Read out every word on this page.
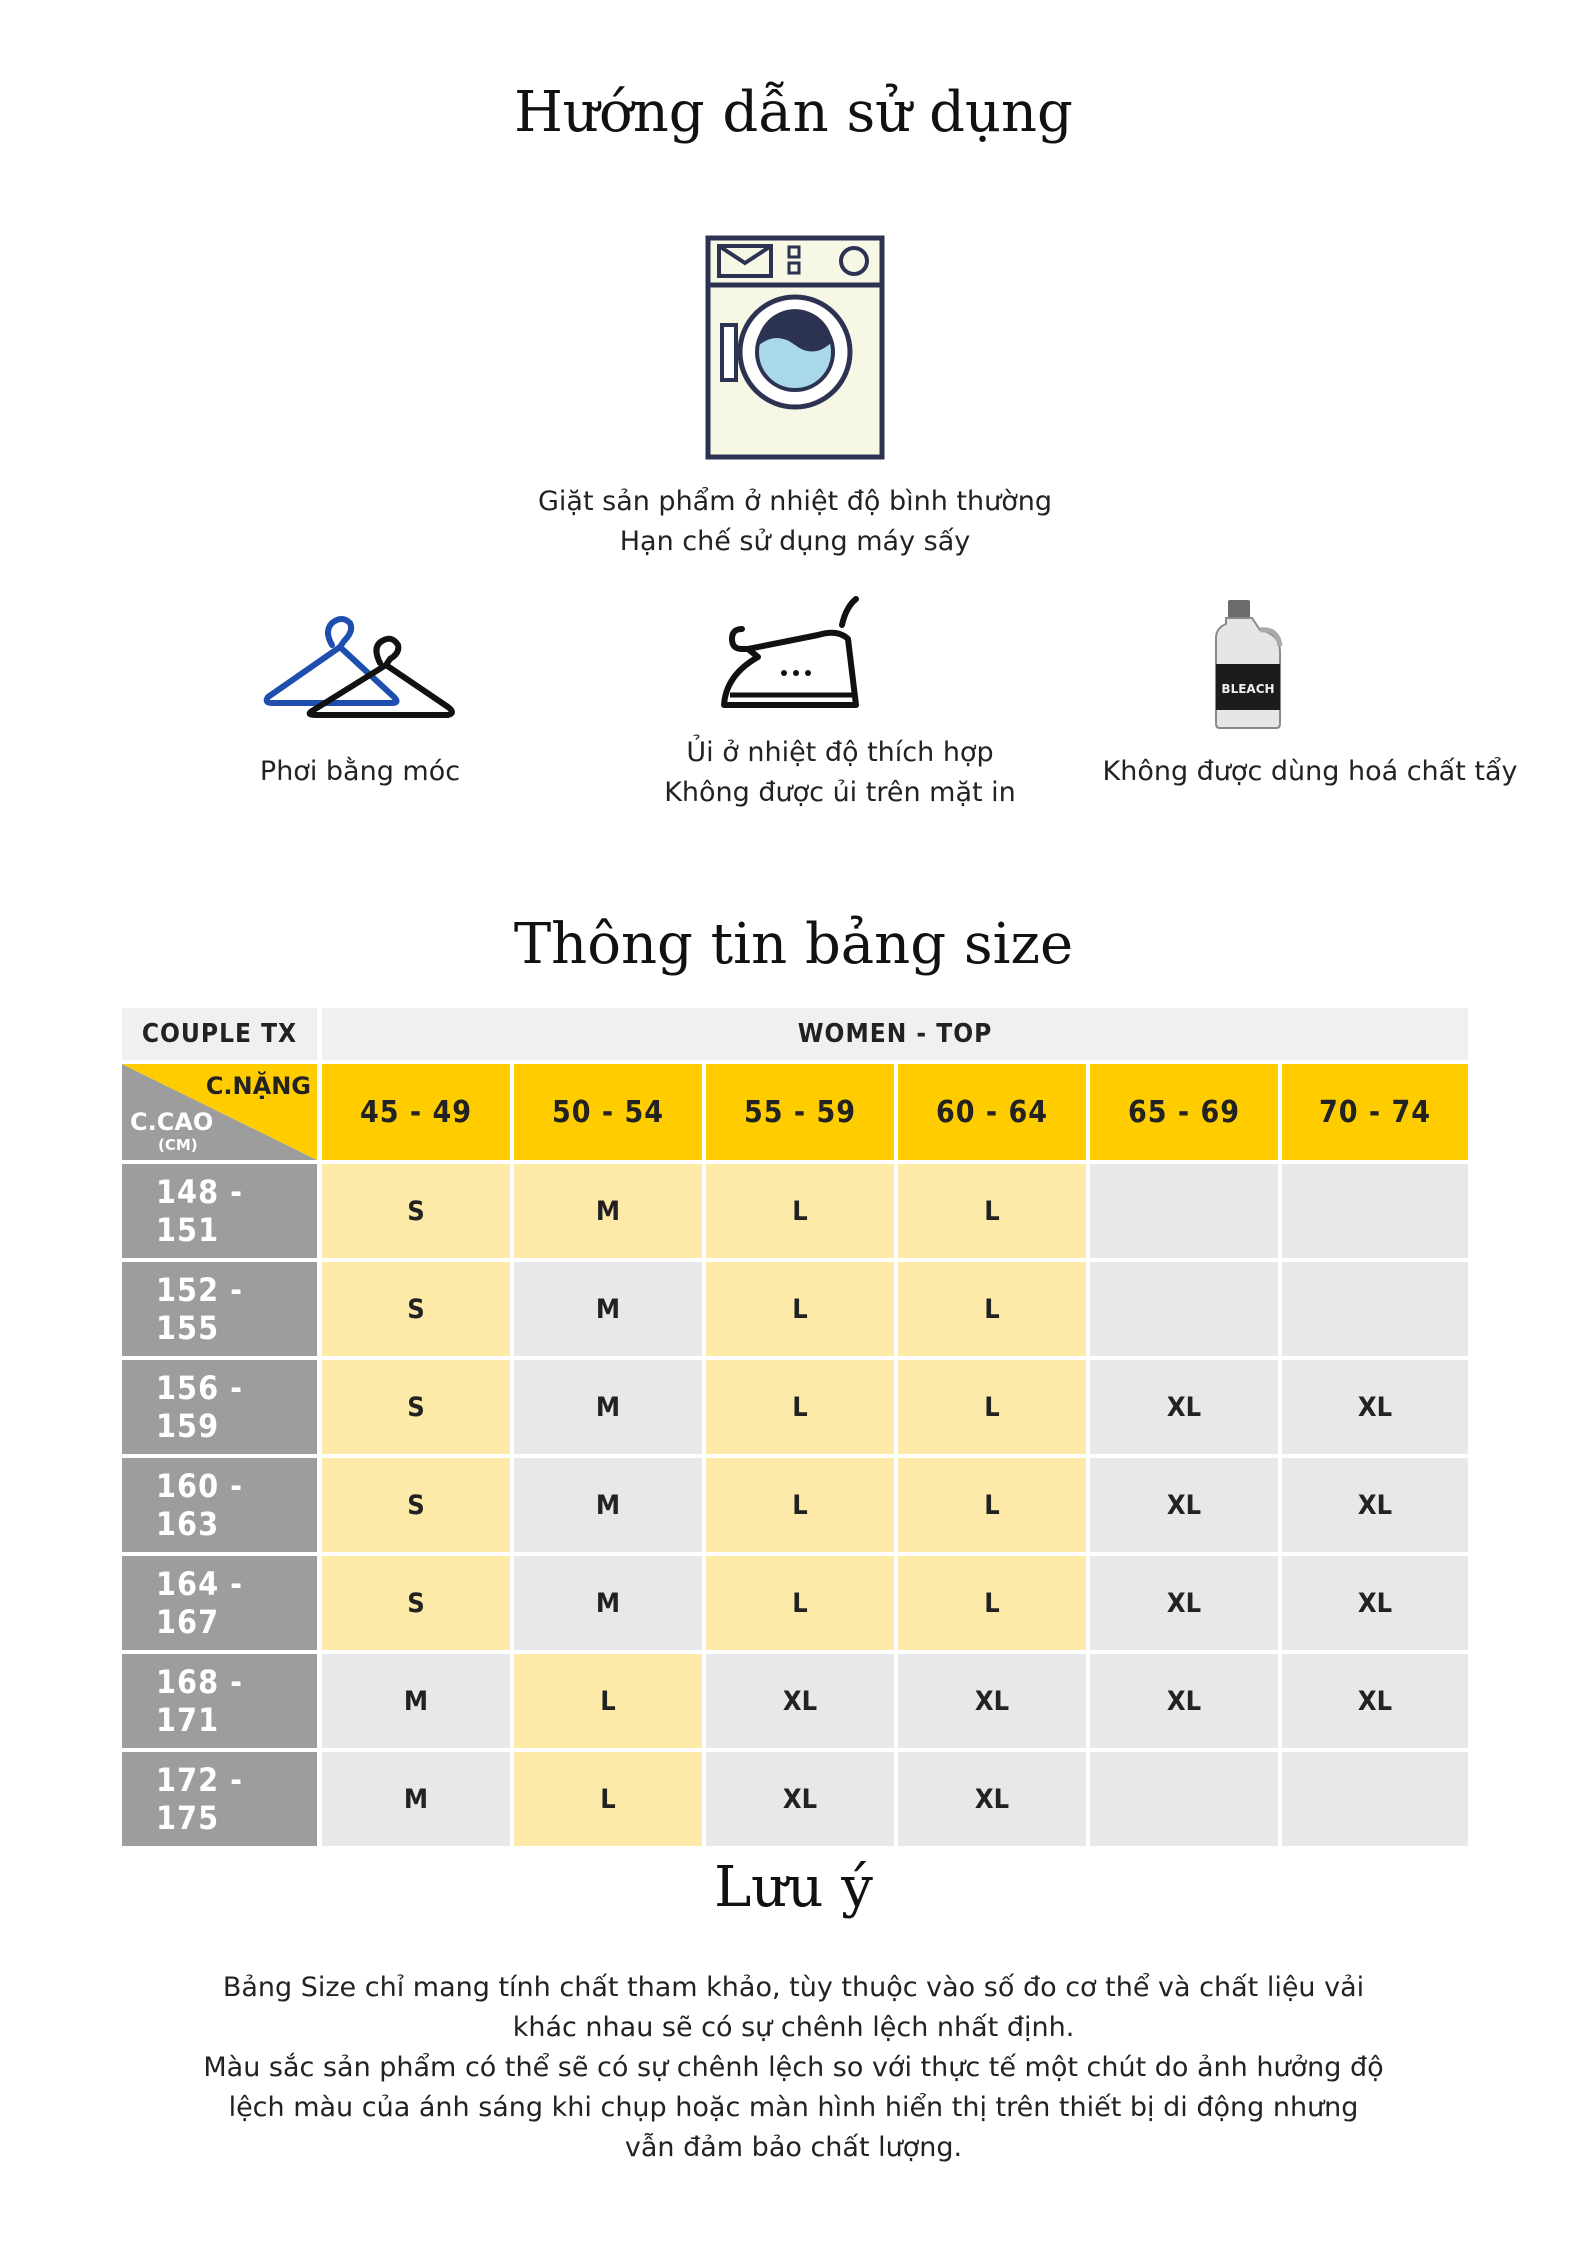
Hướng dẫn sử dụng
Giặt sản phẩm ở nhiệt độ bình thường
Hạn chế sử dụng máy sấy
Phơi bằng móc
Ủi ở nhiệt độ thích hợp
Không được ủi trên mặt in
BLEACH
Không được dùng hoá chất tẩy
Thông tin bảng size
COUPLE TX	WOMEN - TOP
C.NẶNG
C.CAO
(CM)
45 - 49	50 - 54	55 - 59	60 - 64	65 - 69	70 - 74
148 - 151	S	M	L	L
152 - 155	S	M	L	L
156 - 159	S	M	L	L	XL	XL
160 - 163	S	M	L	L	XL	XL
164 - 167	S	M	L	L	XL	XL
168 - 171	M	L	XL	XL	XL	XL
172 - 175	M	L	XL	XL
Lưu ý
Bảng Size chỉ mang tính chất tham khảo, tùy thuộc vào số đo cơ thể và chất liệu vải
khác nhau sẽ có sự chênh lệch nhất định.
Màu sắc sản phẩm có thể sẽ có sự chênh lệch so với thực tế một chút do ảnh hưởng độ
lệch màu của ánh sáng khi chụp hoặc màn hình hiển thị trên thiết bị di động nhưng
vẫn đảm bảo chất lượng.
